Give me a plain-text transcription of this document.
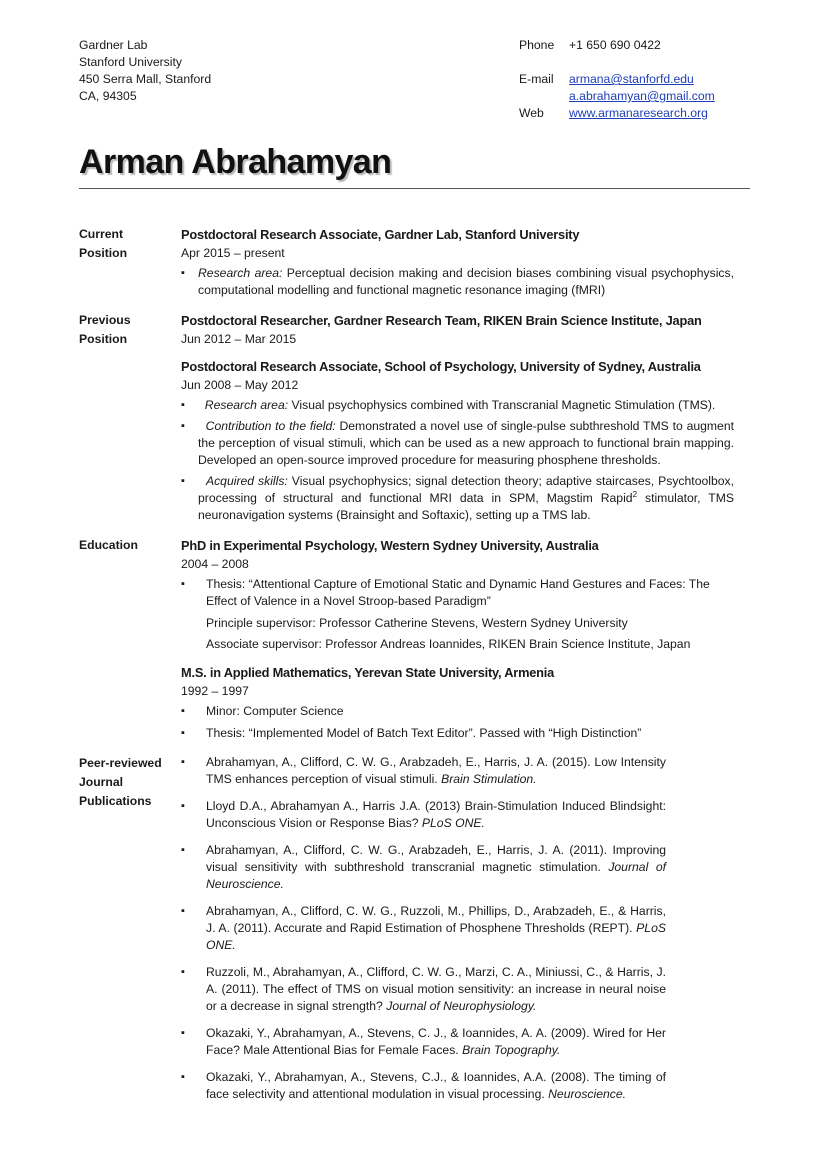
Gardner Lab
Stanford University
450 Serra Mall, Stanford
CA, 94305
Phone	+1 650 690 0422
E-mail	armana@stanforfd.edu
a.abrahamyan@gmail.com
Web	www.armanaresearch.org
Arman Abrahamyan
Current
Position
Postdoctoral Research Associate, Gardner Lab, Stanford University
Apr 2015 – present
▪ Research area: Perceptual decision making and decision biases combining visual psychophysics, computational modelling and functional magnetic resonance imaging (fMRI)
Previous
Position
Postdoctoral Researcher, Gardner Research Team, RIKEN Brain Science Institute, Japan
Jun 2012 – Mar 2015
Postdoctoral Research Associate, School of Psychology, University of Sydney, Australia
Jun 2008 – May 2012
▪ Research area: Visual psychophysics combined with Transcranial Magnetic Stimulation (TMS).
▪ Contribution to the field: Demonstrated a novel use of single-pulse subthreshold TMS to augment the perception of visual stimuli, which can be used as a new approach to functional brain mapping. Developed an open-source improved procedure for measuring phosphene thresholds.
▪ Acquired skills: Visual psychophysics; signal detection theory; adaptive staircases, Psychtoolbox, processing of structural and functional MRI data in SPM, Magstim Rapid$^2$ stimulator, TMS neuronavigation systems (Brainsight and Softaxic), setting up a TMS lab.
Education	PhD in Experimental Psychology, Western Sydney University, Australia
2004 – 2008
▪ Thesis: “Attentional Capture of Emotional Static and Dynamic Hand Gestures and Faces: The Effect of Valence in a Novel Stroop-based Paradigm”
Principle supervisor: Professor Catherine Stevens, Western Sydney University
Associate supervisor: Professor Andreas Ioannides, RIKEN Brain Science Institute, Japan
M.S. in Applied Mathematics, Yerevan State University, Armenia
1992 – 1997
▪ Minor: Computer Science
▪ Thesis: “Implemented Model of Batch Text Editor”. Passed with “High Distinction”
Peer-reviewed
Journal
Publications
▪ Abrahamyan, A., Clifford, C. W. G., Arabzadeh, E., Harris, J. A. (2015). Low Intensity TMS enhances perception of visual stimuli. Brain Stimulation.
▪ Lloyd D.A., Abrahamyan A., Harris J.A. (2013) Brain-Stimulation Induced Blindsight: Unconscious Vision or Response Bias? PLoS ONE.
▪ Abrahamyan, A., Clifford, C. W. G., Arabzadeh, E., Harris, J. A. (2011). Improving visual sensitivity with subthreshold transcranial magnetic stimulation. Journal of Neuroscience.
▪ Abrahamyan, A., Clifford, C. W. G., Ruzzoli, M., Phillips, D., Arabzadeh, E., & Harris, J. A. (2011). Accurate and Rapid Estimation of Phosphene Thresholds (REPT). PLoS ONE.
▪ Ruzzoli, M., Abrahamyan, A., Clifford, C. W. G., Marzi, C. A., Miniussi, C., & Harris, J. A. (2011). The effect of TMS on visual motion sensitivity: an increase in neural noise or a decrease in signal strength? Journal of Neurophysiology.
▪ Okazaki, Y., Abrahamyan, A., Stevens, C. J., & Ioannides, A. A. (2009). Wired for Her Face? Male Attentional Bias for Female Faces. Brain Topography.
▪ Okazaki, Y., Abrahamyan, A., Stevens, C.J., & Ioannides, A.A. (2008). The timing of face selectivity and attentional modulation in visual processing. Neuroscience.
